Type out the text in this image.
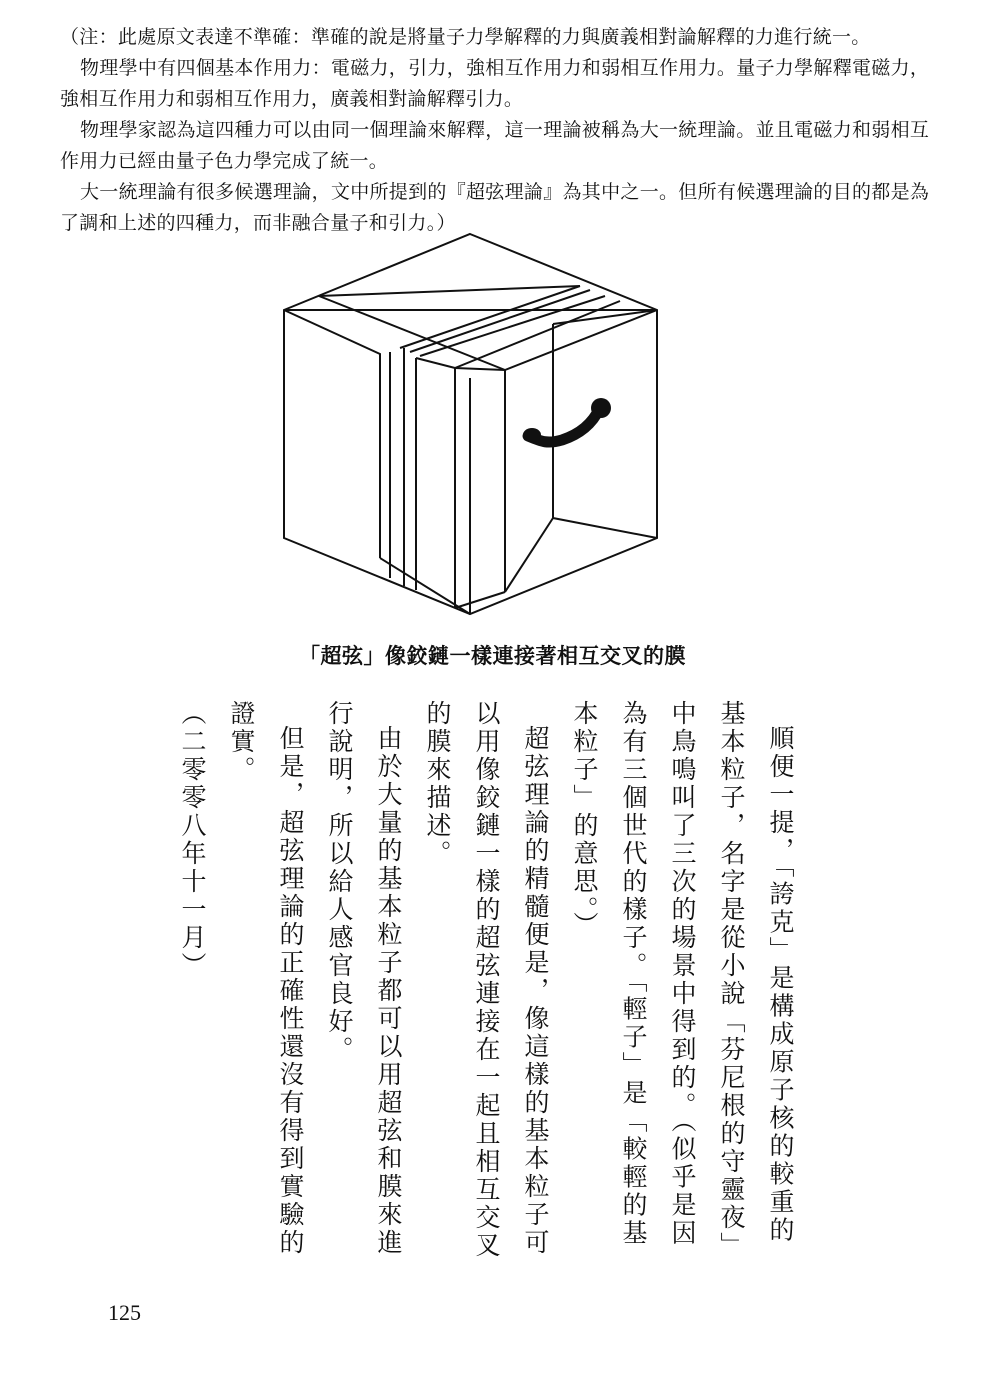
（注：此處原文表達不準確：準確的說是將量子力學解釋的力與廣義相對論解釋的力進行統一。

物理學中有四個基本作用力：電磁力，引力，強相互作用力和弱相互作用力。量子力學解釋電磁力，強相互作用力和弱相互作用力，廣義相對論解釋引力。

物理學家認為這四種力可以由同一個理論來解釋，這一理論被稱為大一統理論。並且電磁力和弱相互作用力已經由量子色力學完成了統一。

大一統理論有很多候選理論，文中所提到的『超弦理論』為其中之一。但所有候選理論的目的都是為了調和上述的四種力，而非融合量子和引力。）

「超弦」像鉸鏈一樣連接著相互交叉的膜

順便一提，「誇克」是構成原子核的較重的基本粒子，名字是從小說「芬尼根的守靈夜」中鳥鳴叫了三次的場景中得到的。（似乎是因為有三個世代的樣子。「輕子」是「較輕的基本粒子」的意思。）

超弦理論的精髓便是，像這樣的基本粒子可以用像鉸鏈一樣的超弦連接在一起且相互交叉的膜來描述。

由於大量的基本粒子都可以用超弦和膜來進行說明，所以給人感官良好。

但是，超弦理論的正確性還沒有得到實驗的證實。

（二零零八年十一月）

125
